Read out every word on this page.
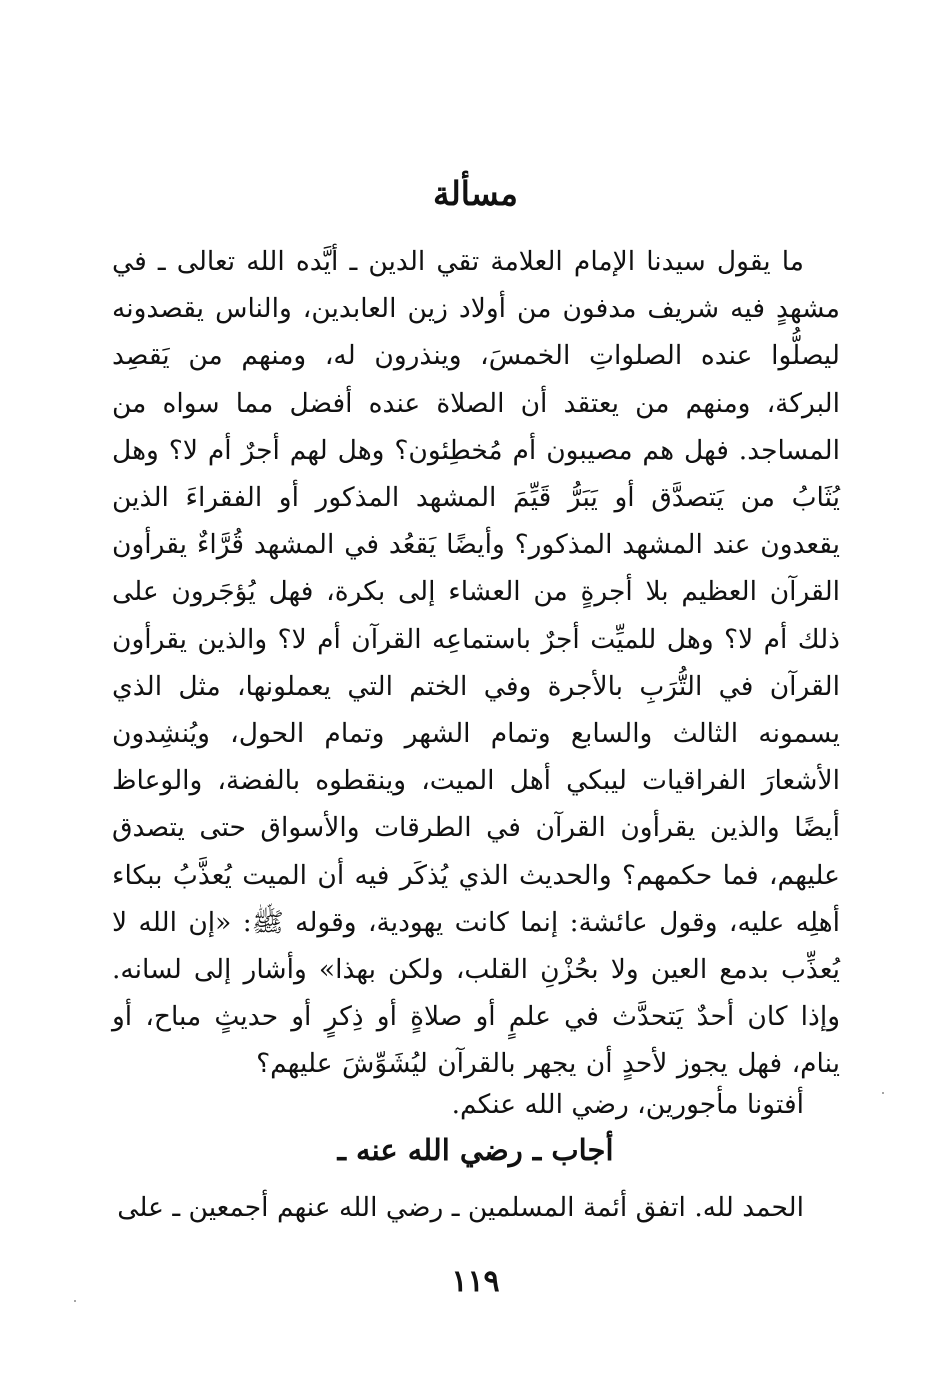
مسألة
ما يقول سيدنا الإمام العلامة تقي الدين ـ أيَّده الله تعالى ـ في مشهدٍ فيه شريف مدفون من أولاد زين العابدين، والناس يقصدونه ليصلُّوا عنده الصلواتِ الخمسَ، وينذرون له، ومنهم من يَقصِد البركة، ومنهم من يعتقد أن الصلاة عنده أفضل مما سواه من المساجد. فهل هم مصيبون أم مُخطِئون؟ وهل لهم أجرٌ أم لا؟ وهل يُثَابُ من يَتصدَّق أو يَبَرُّ قَيِّمَ المشهد المذكور أو الفقراءَ الذين يقعدون عند المشهد المذكور؟ وأيضًا يَقعُد في المشهد قُرَّاءٌ يقرأون القرآن العظيم بلا أجرةٍ من العشاء إلى بكرة، فهل يُؤجَرون على ذلك أم لا؟ وهل للميِّت أجرٌ باستماعِه القرآن أم لا؟ والذين يقرأون القرآن في التُّرَبِ بالأجرة وفي الختم التي يعملونها، مثل الذي يسمونه الثالث والسابع وتمام الشهر وتمام الحول، ويُنشِدون الأشعارَ الفراقيات ليبكي أهل الميت، وينقطوه بالفضة، والوعاظ أيضًا والذين يقرأون القرآن في الطرقات والأسواق حتى يتصدق عليهم، فما حكمهم؟ والحديث الذي يُذكَر فيه أن الميت يُعذَّبُ ببكاء أهلِه عليه، وقول عائشة: إنما كانت يهودية، وقوله ﷺ: «إن الله لا يُعذِّب بدمع العين ولا بحُزْنِ القلب، ولكن بهذا» وأشار إلى لسانه. وإذا كان أحدٌ يَتحدَّث في علمٍ أو صلاةٍ أو ذِكرٍ أو حديثٍ مباح، أو ينام، فهل يجوز لأحدٍ أن يجهر بالقرآن ليُشَوِّشَ عليهم؟
أفتونا مأجورين، رضي الله عنكم.
أجاب ـ رضي الله عنه ـ
الحمد لله. اتفق أئمة المسلمين ـ رضي الله عنهم أجمعين ـ على
١١٩
